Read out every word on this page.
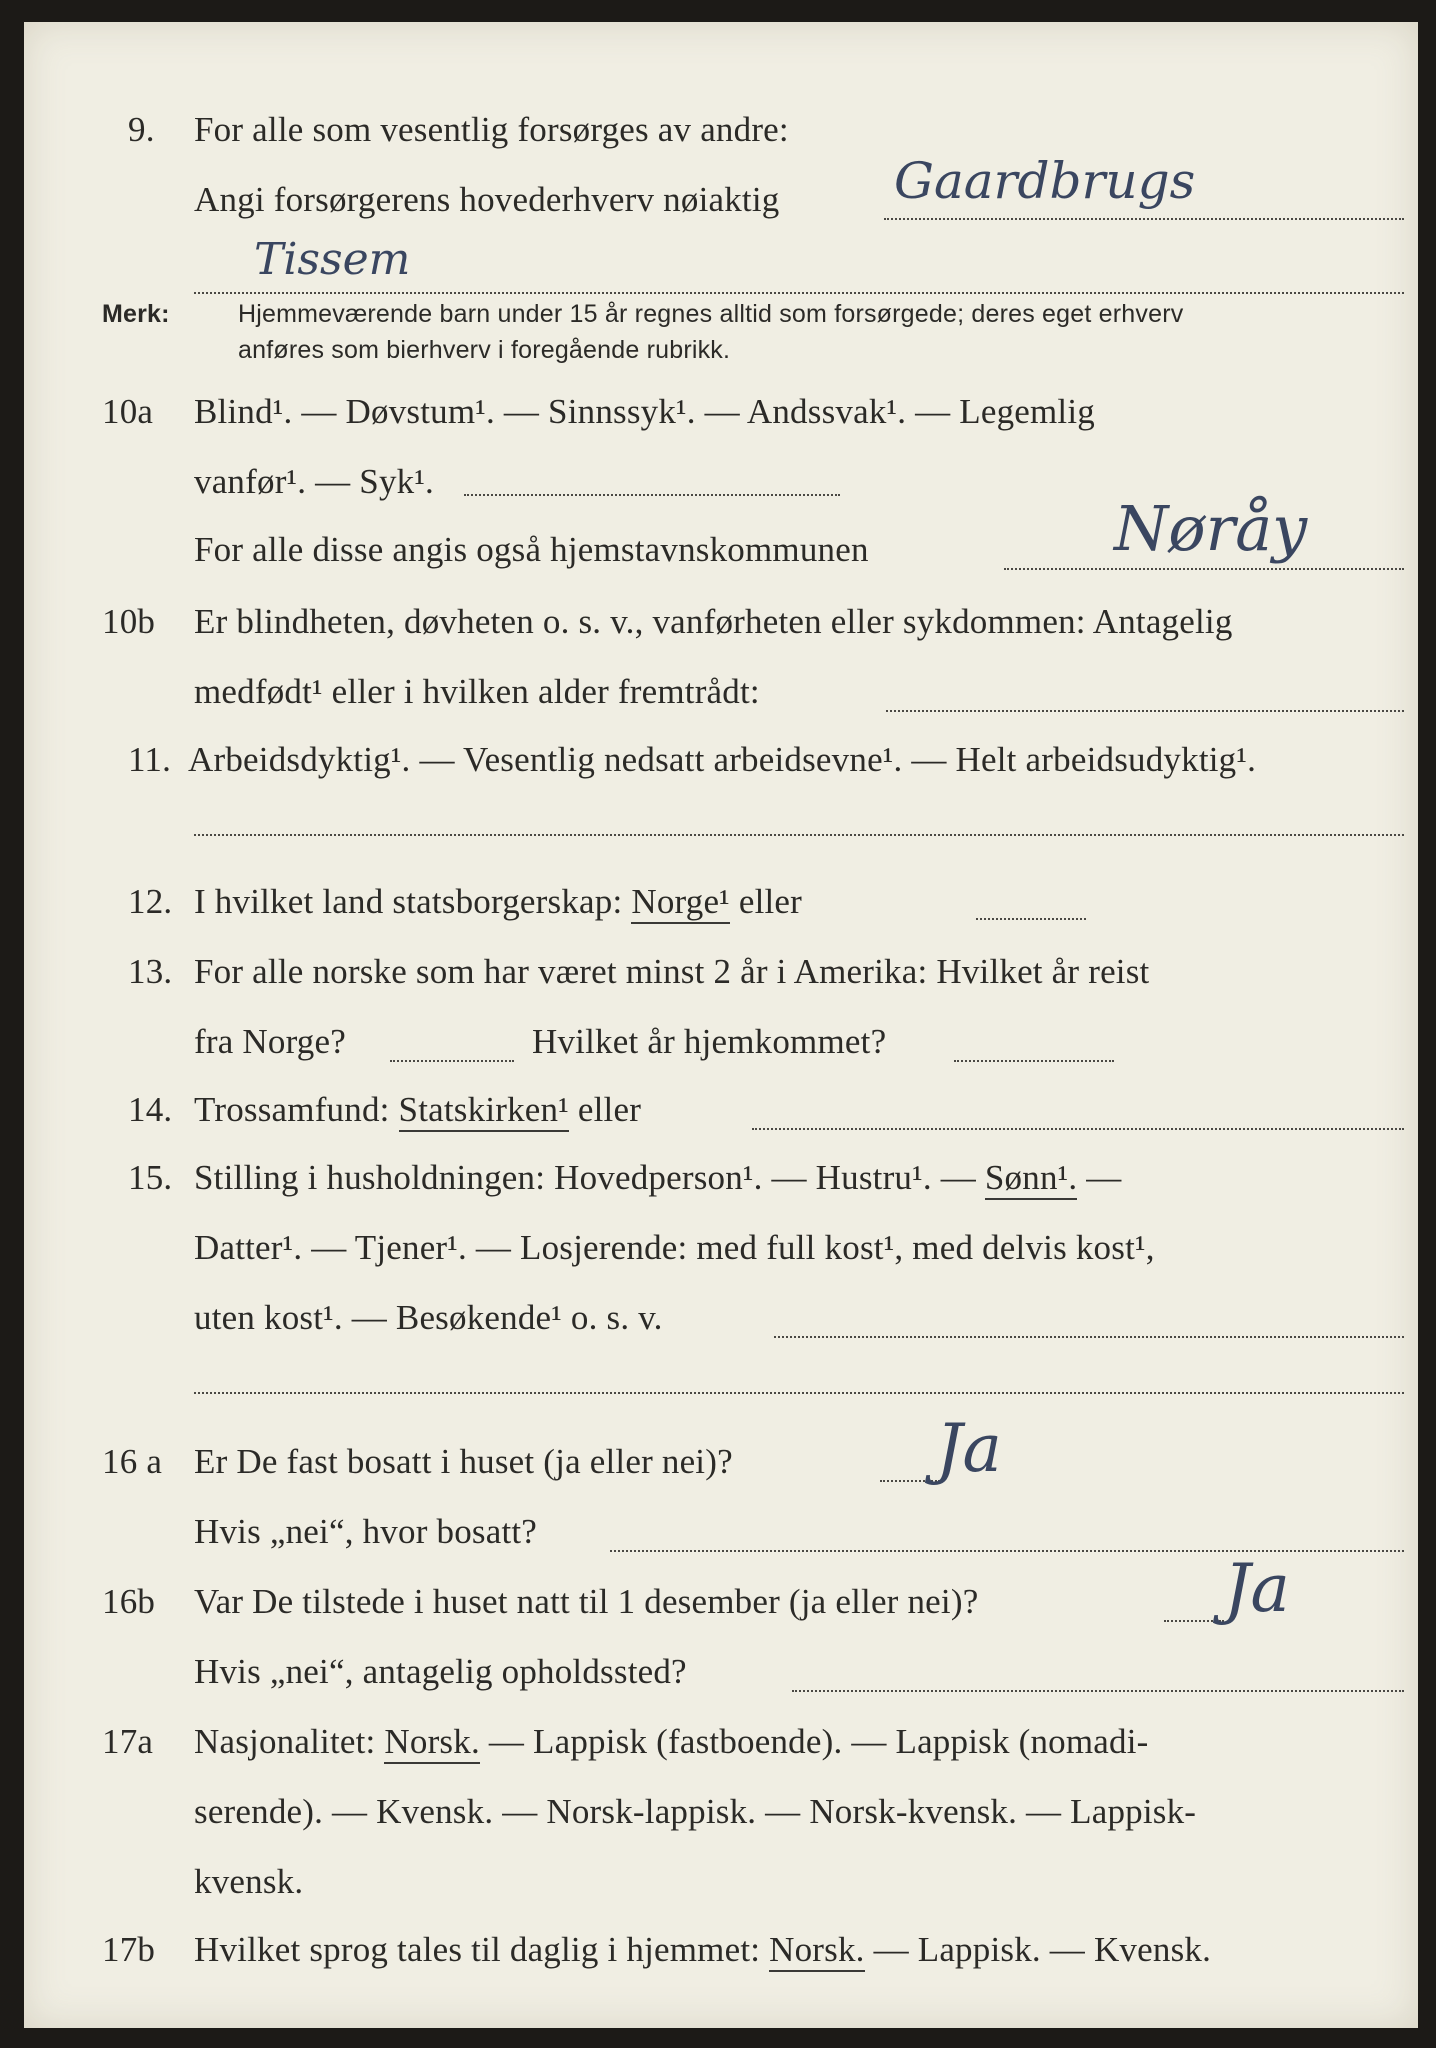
9. For alle som vesentlig forsørges av andre:
Angi forsørgerens hovederhverv nøiaktig Gaardbrugs
Tissem
Merk:	Hjemmeværende barn under 15 år regnes alltid som forsørgede; deres eget erhverv
anføres som bierhverv i foregående rubrikk.
10a Blind¹. — Døvstum¹. — Sinnssyk¹. — Andssvak¹. — Legemlig
vanfør¹. — Syk¹.
For alle disse angis også hjemstavnskommunen	Nøråy
10b Er blindheten, døvheten o. s. v., vanførheten eller sykdommen: Antagelig
medfødt¹ eller i hvilken alder fremtrådt:
11. Arbeidsdyktig¹. — Vesentlig nedsatt arbeidsevne¹. — Helt arbeidsudyktig¹.
12. I hvilket land statsborgerskap: Norge¹ eller
13. For alle norske som har været minst 2 år i Amerika: Hvilket år reist
fra Norge?	Hvilket år hjemkommet?
14. Trossamfund: Statskirken¹ eller
15. Stilling i husholdningen: Hovedperson¹. — Hustru¹. — Sønn¹. —
Datter¹. — Tjener¹. — Losjerende: med full kost¹, med delvis kost¹,
uten kost¹. — Besøkende¹ o. s. v.
16 a Er De fast bosatt i huset (ja eller nei)?	Ja
Hvis „nei“, hvor bosatt?
16b Var De tilstede i huset natt til 1 desember (ja eller nei)?	Ja
Hvis „nei“, antagelig opholdssted?
17a Nasjonalitet: Norsk. — Lappisk (fastboende). — Lappisk (nomadi-
serende). — Kvensk. — Norsk-lappisk. — Norsk-kvensk. — Lappisk-
kvensk.
17b Hvilket sprog tales til daglig i hjemmet: Norsk. — Lappisk. — Kvensk.
